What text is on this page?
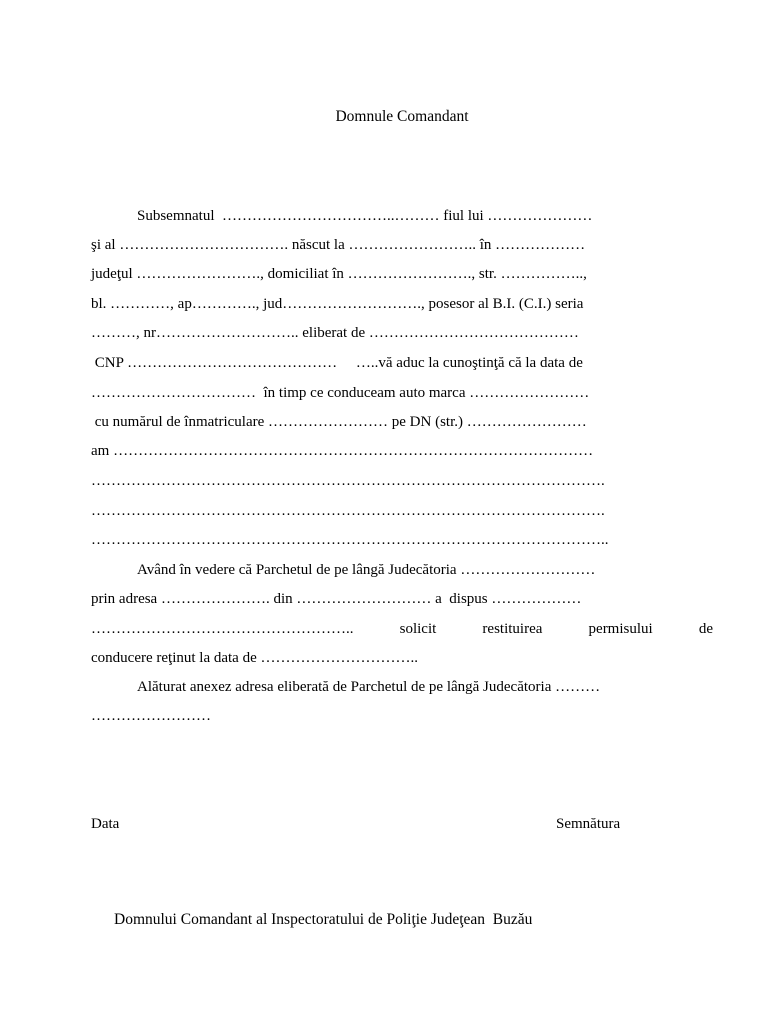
Domnule Comandant
Subsemnatul  ……………………………..……… fiul lui …………………
şi al ……………………………. născut la …………………….. în ………………
judeţul ……………………., domiciliat în ……………………., str. ……………..,
bl. …………, ap…………., jud………………………., posesor al B.I. (C.I.) seria
………, nr……………………….. eliberat de ……………………………………
CNP ……………………………………     …..vă aduc la cunoştinţă că la data de
……………………………  în timp ce conduceam auto marca ……………………
cu numărul de înmatriculare …………………… pe DN (str.) ……………………
am ……………………………………………………………………………………
………………………………………………………………………………………….
………………………………………………………………………………………….
…………………………………………………………………………………………..
Având în vedere că Parchetul de pe lângă Judecătoria ………………………
prin adresa …………………. din ……………………… a  dispus ………………
…………………………………………….. solicit restituirea permisului de
conducere reţinut la data de …………………………..
Alăturat anexez adresa eliberată de Parchetul de pe lângă Judecătoria ………
……………………
Data	Semnătura
Domnului Comandant al Inspectoratului de Poliţie Judeţean  Buzău
